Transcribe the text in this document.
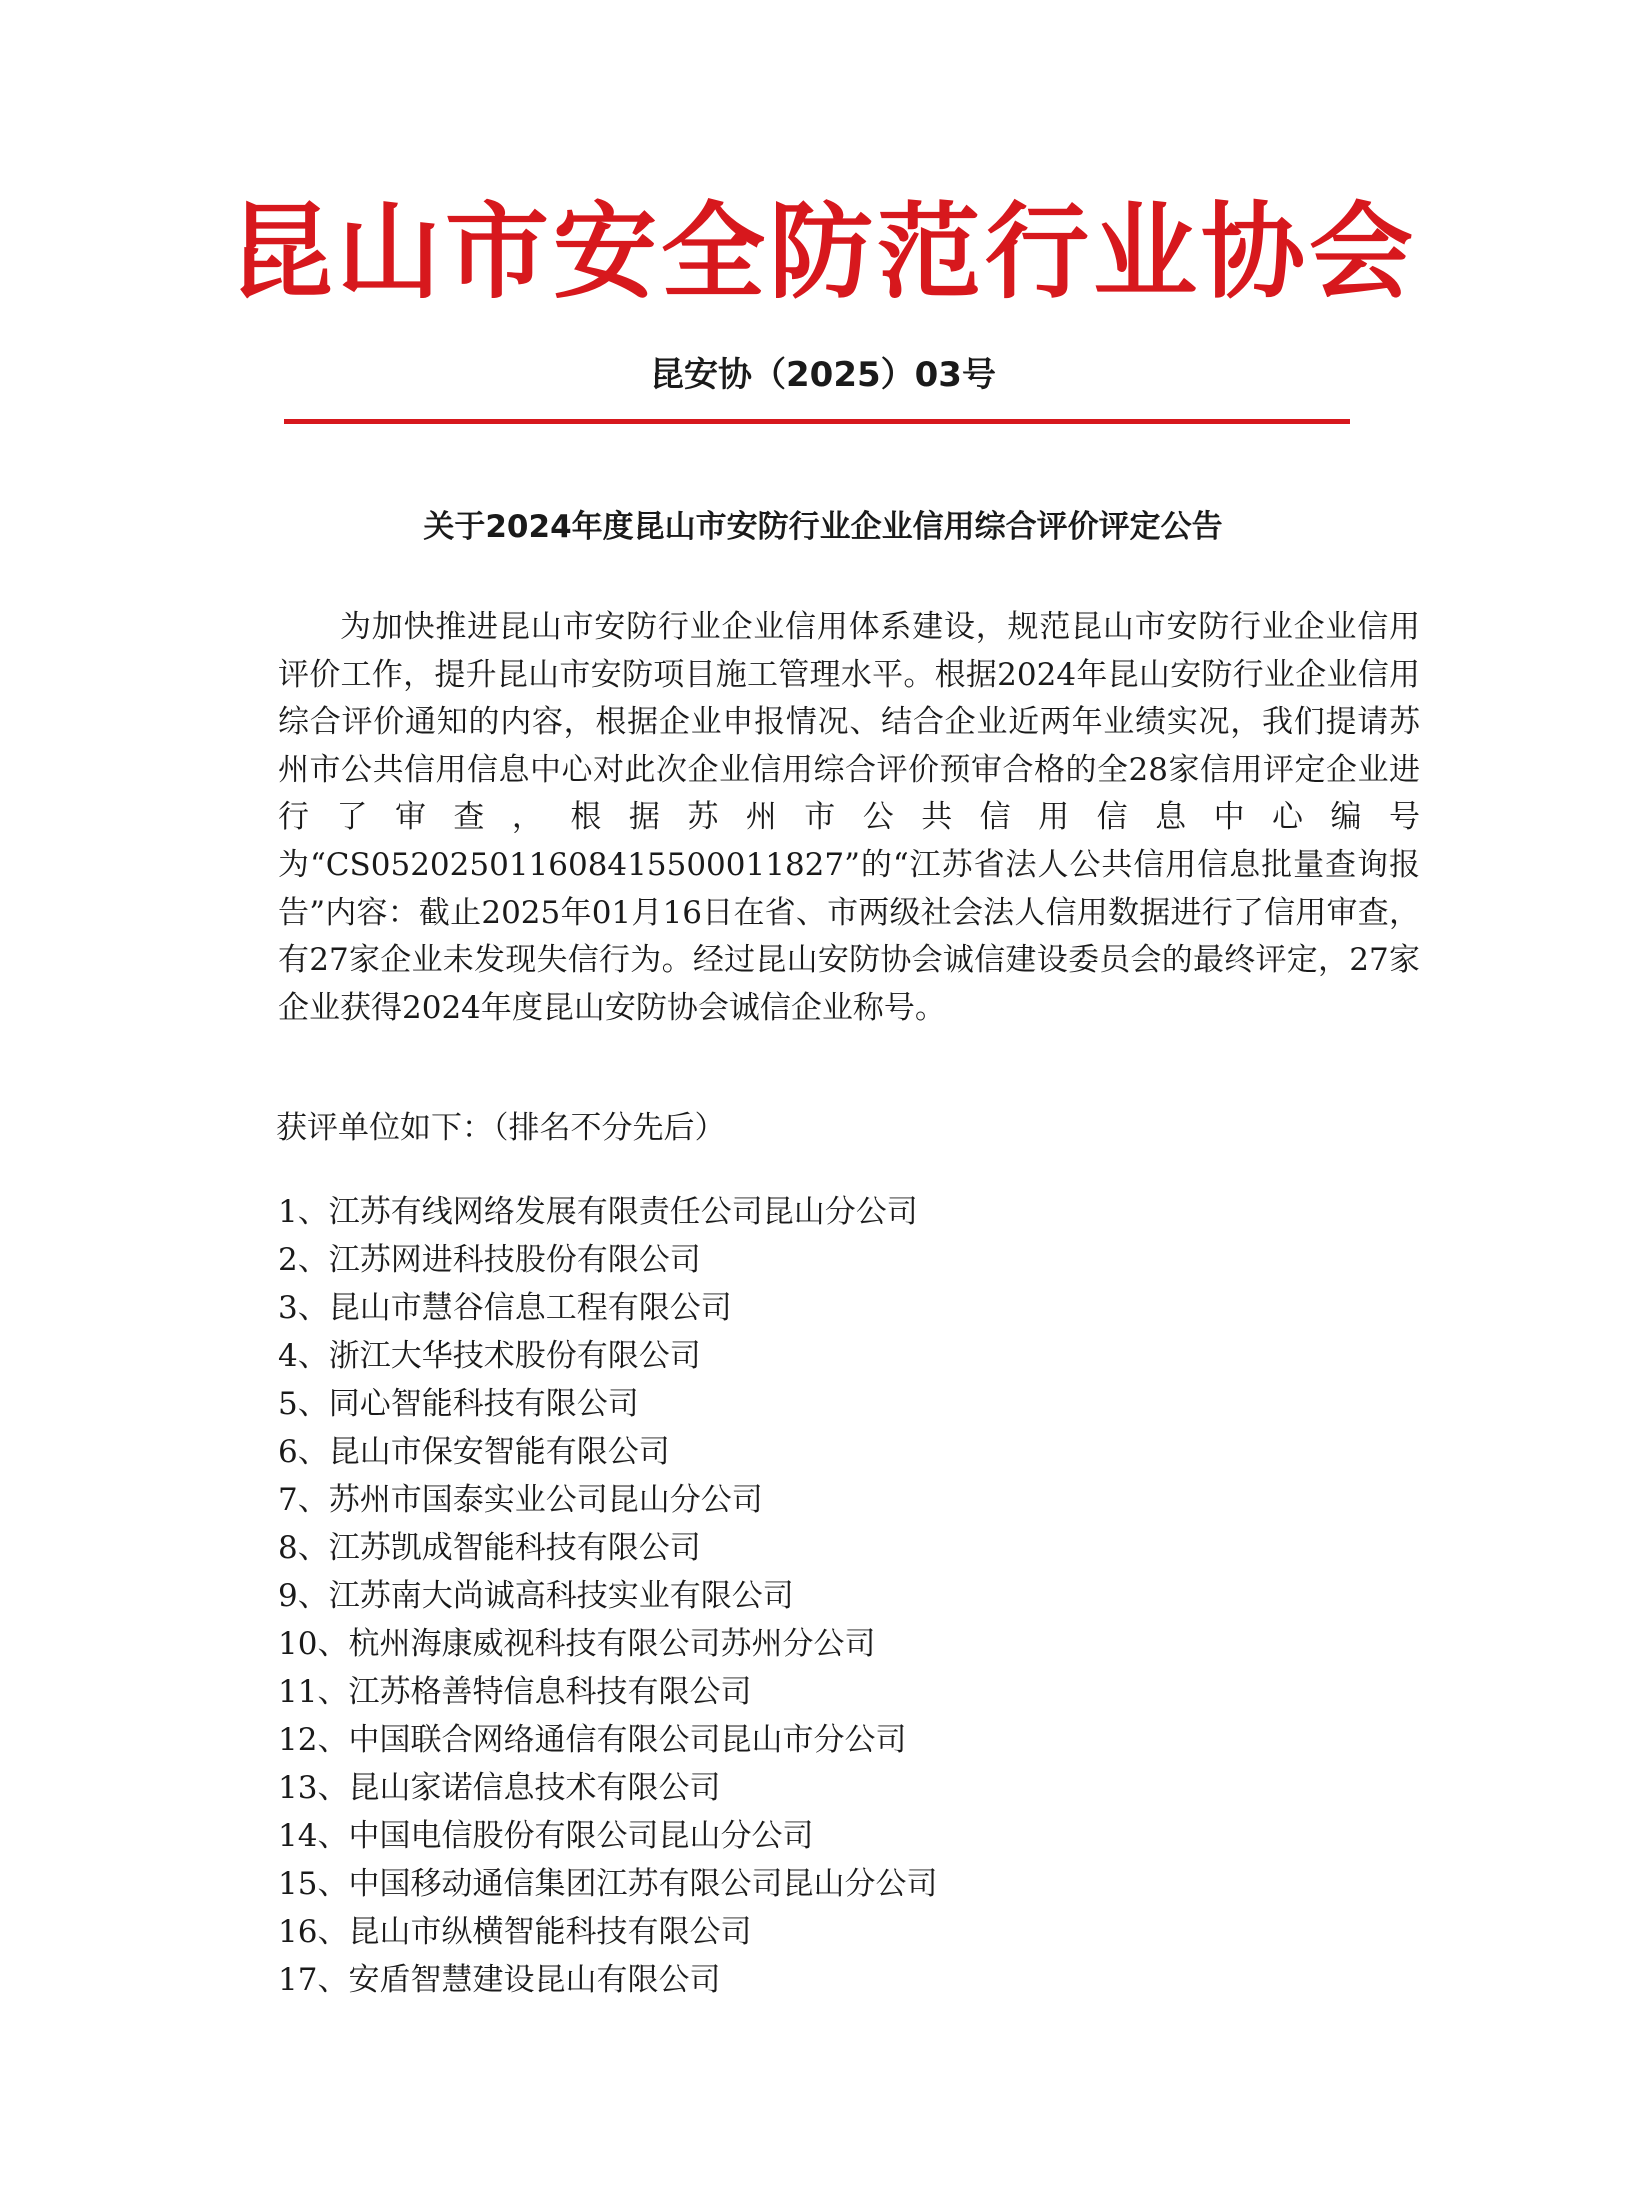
昆山市安全防范行业协会
昆安协（2025）03号
关于2024年度昆山市安防行业企业信用综合评价评定公告
为加快推进昆山市安防行业企业信用体系建设，规范昆山市安防行业企业信用评价工作，提升昆山市安防项目施工管理水平。根据2024年昆山安防行业企业信用综合评价通知的内容，根据企业申报情况、结合企业近两年业绩实况，我们提请苏州市公共信用信息中心对此次企业信用综合评价预审合格的全28家信用评定企业进行了审查，根据苏州市公共信用信息中心编号为“CS0520250116084155000118​27”的“江苏省法人公共信用信息批量查询报告”内容：截止2025年01月16日在省、市两级社会法人信用数据进行了信用审查，有27家企业未发现失信行为。经过昆山安防协会诚信建设委员会的最终评定，27家企业获得2024年度昆山安防协会诚信企业称号。
获评单位如下：（排名不分先后）
1、江苏有线网络发展有限责任公司昆山分公司
2、江苏网进科技股份有限公司
3、昆山市慧谷信息工程有限公司
4、浙江大华技术股份有限公司
5、同心智能科技有限公司
6、昆山市保安智能有限公司
7、苏州市国泰实业公司昆山分公司
8、江苏凯成智能科技有限公司
9、江苏南大尚诚高科技实业有限公司
10、杭州海康威视科技有限公司苏州分公司
11、江苏格善特信息科技有限公司
12、中国联合网络通信有限公司昆山市分公司
13、昆山家诺信息技术有限公司
14、中国电信股份有限公司昆山分公司
15、中国移动通信集团江苏有限公司昆山分公司
16、昆山市纵横智能科技有限公司
17、安盾智慧建设昆山有限公司
